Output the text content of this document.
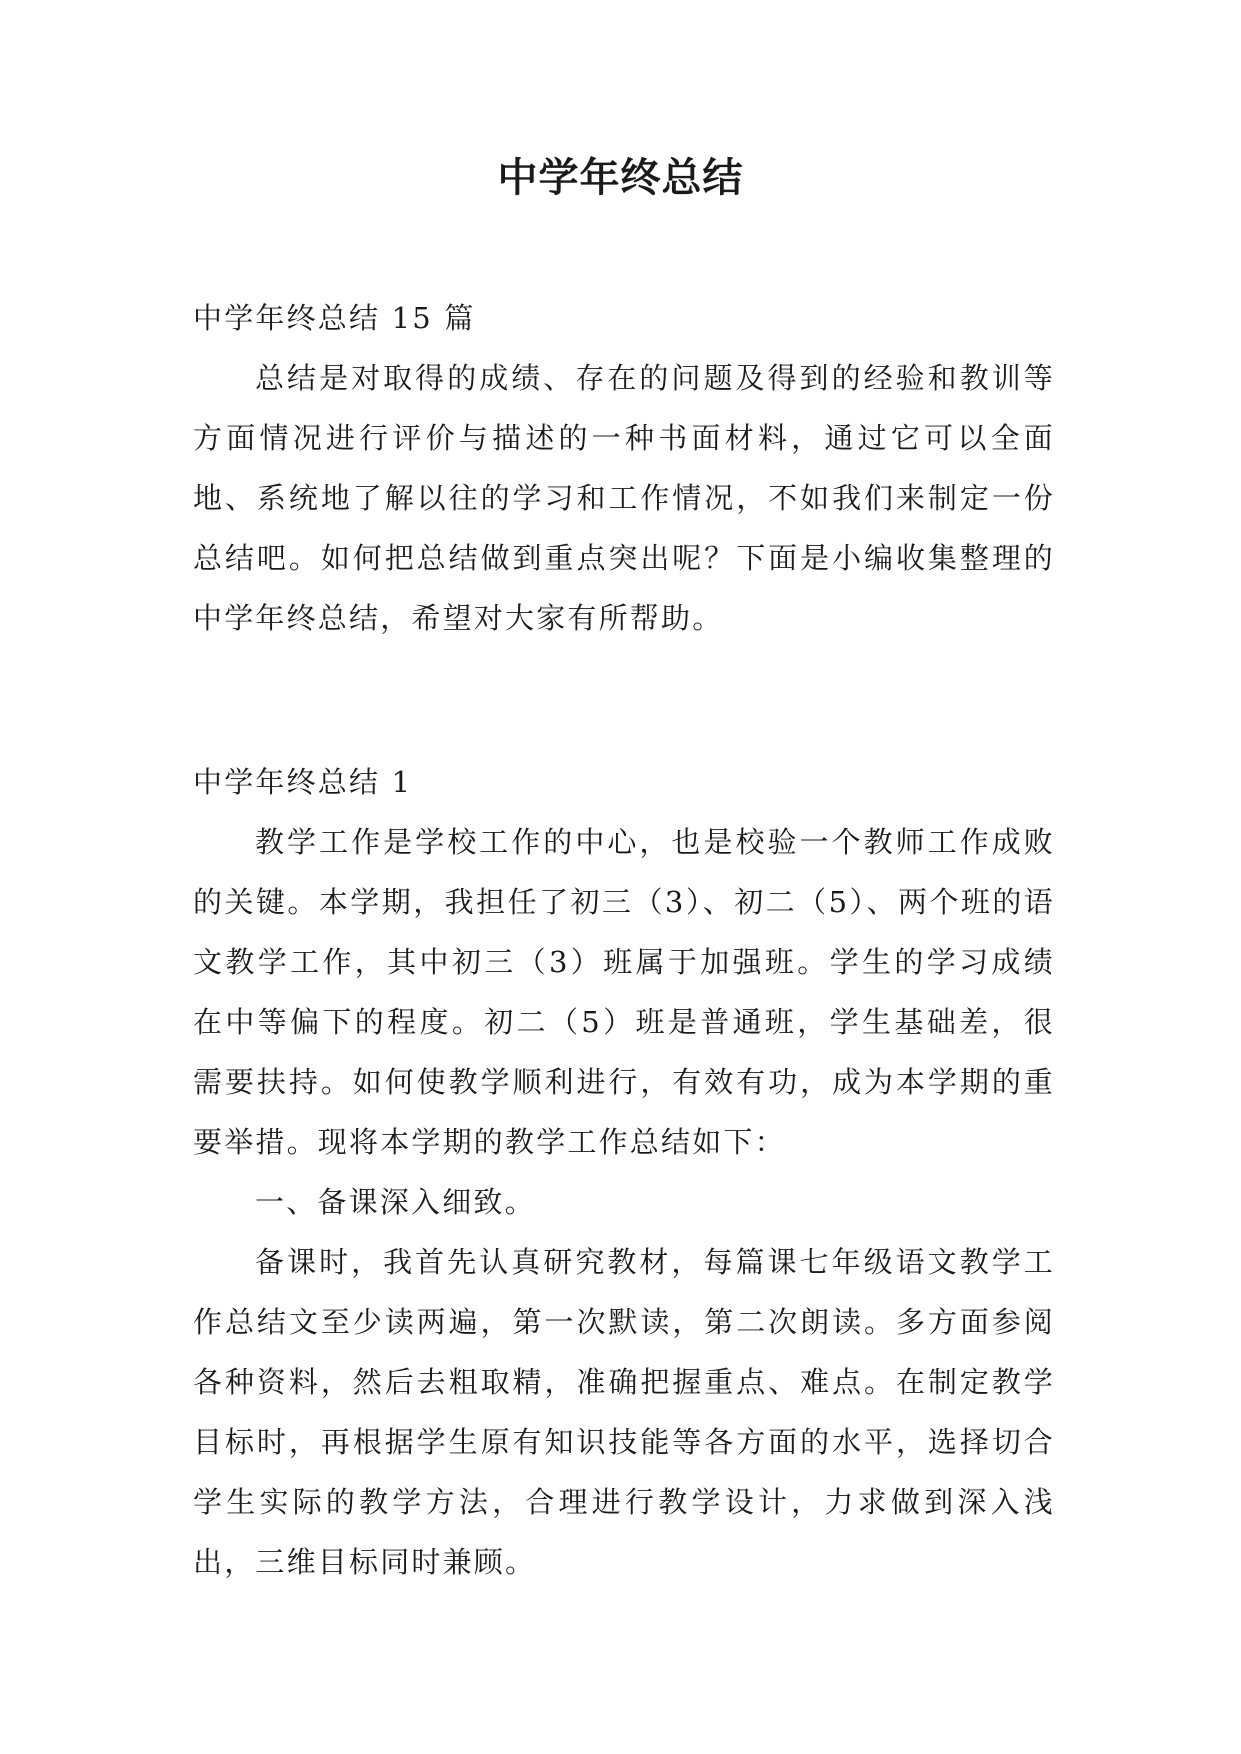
中学年终总结

中学年终总结 15 篇

总结是对取得的成绩、存在的问题及得到的经验和教训等方面情况进行评价与描述的一种书面材料，通过它可以全面地、系统地了解以往的学习和工作情况，不如我们来制定一份总结吧。如何把总结做到重点突出呢？下面是小编收集整理的中学年终总结，希望对大家有所帮助。

中学年终总结 1

教学工作是学校工作的中心，也是校验一个教师工作成败的关键。本学期，我担任了初三（3）、初二（5）、两个班的语文教学工作，其中初三（3）班属于加强班。学生的学习成绩在中等偏下的程度。初二（5）班是普通班，学生基础差，很需要扶持。如何使教学顺利进行，有效有功，成为本学期的重要举措。现将本学期的教学工作总结如下：

一、备课深入细致。

备课时，我首先认真研究教材，每篇课七年级语文教学工作总结文至少读两遍，第一次默读，第二次朗读。多方面参阅各种资料，然后去粗取精，准确把握重点、难点。在制定教学目标时，再根据学生原有知识技能等各方面的水平，选择切合学生实际的教学方法，合理进行教学设计，力求做到深入浅出，三维目标同时兼顾。
